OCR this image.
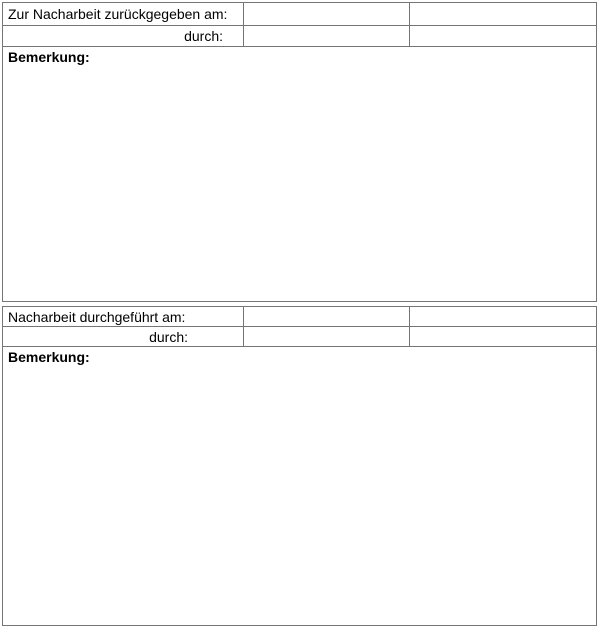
Zur Nacharbeit zurückgegeben am:		
durch:		
Bemerkung:		
Nacharbeit durchgeführt am:		
durch:		
Bemerkung:		
